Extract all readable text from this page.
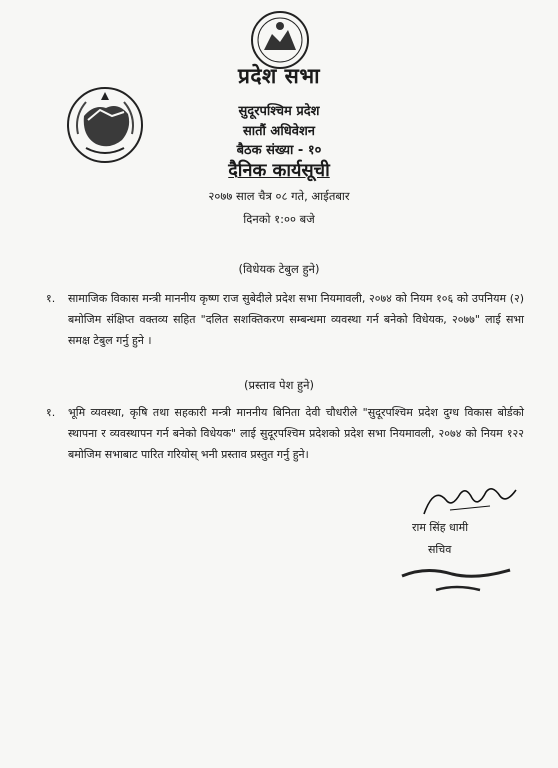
प्रदेश सभा
सुदूरपश्चिम प्रदेश
सातौं अधिवेशन
बैठक संख्या - १०
दैनिक कार्यसूची
२०७७ साल चैत्र ०८ गते, आईतबार
दिनको १:०० बजे
(विधेयक टेबुल हुने)
१.	सामाजिक विकास मन्त्री माननीय कृष्ण राज सुबेदीले प्रदेश सभा नियमावली, २०७४ को नियम १०६ को उपनियम (२) बमोजिम संक्षिप्त वक्तव्य सहित "दलित सशक्तिकरण सम्बन्धमा व्यवस्था गर्न बनेको विधेयक, २०७७" लाई सभा समक्ष टेबुल गर्नु हुने ।
(प्रस्ताव पेश हुने)
१.	भूमि व्यवस्था, कृषि तथा सहकारी मन्त्री माननीय बिनिता देवी चौधरीले "सुदूरपश्चिम प्रदेश दुग्ध विकास बोर्डको स्थापना र व्यवस्थापन गर्न बनेको विधेयक" लाई सुदूरपश्चिम प्रदेशको प्रदेश सभा नियमावली, २०७४ को नियम १२२ बमोजिम सभाबाट पारित गरियोस् भनी प्रस्ताव प्रस्तुत गर्नु हुने।
राम सिंह धामी
सचिव
